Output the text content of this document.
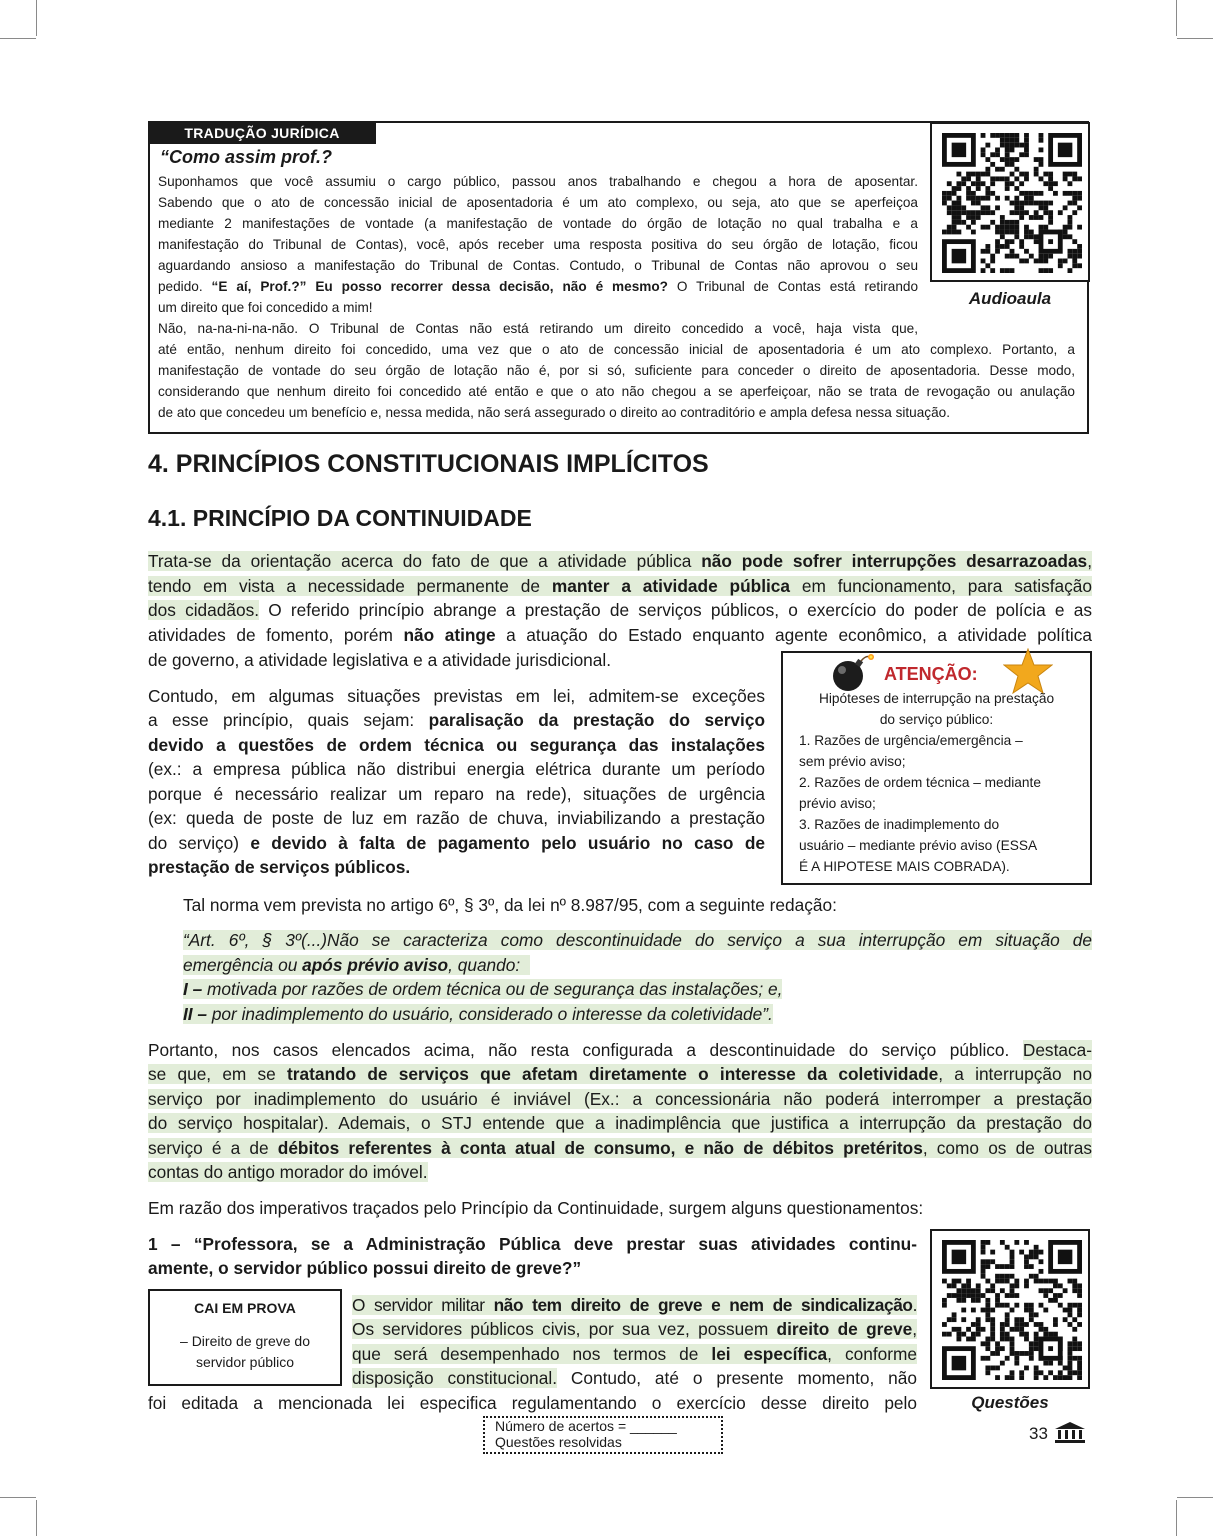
TRADUÇÃO JURÍDICA
“Como assim prof.?
Suponhamos que você assumiu o cargo público, passou anos trabalhando e chegou a hora de aposentar.
Sabendo que o ato de concessão inicial de aposentadoria é um ato complexo, ou seja, ato que se aperfeiçoa
mediante 2 manifestações de vontade (a manifestação de vontade do órgão de lotação no qual trabalha e a
manifestação do Tribunal de Contas), você, após receber uma resposta positiva do seu órgão de lotação, ficou
aguardando ansioso a manifestação do Tribunal de Contas. Contudo, o Tribunal de Contas não aprovou o seu
pedido. “E aí, Prof.?” Eu posso recorrer dessa decisão, não é mesmo? O Tribunal de Contas está retirando
um direito que foi concedido a mim!
Não, na-na-ni-na-não. O Tribunal de Contas não está retirando um direito concedido a você, haja vista que,
até então, nenhum direito foi concedido, uma vez que o ato de concessão inicial de aposentadoria é um ato complexo. Portanto, a
manifestação de vontade do seu órgão de lotação não é, por si só, suficiente para conceder o direito de aposentadoria. Desse modo,
considerando que nenhum direito foi concedido até então e que o ato não chegou a se aperfeiçoar, não se trata de revogação ou anulação
de ato que concedeu um benefício e, nessa medida, não será assegurado o direito ao contraditório e ampla defesa nessa situação.
Audioaula
4. PRINCÍPIOS CONSTITUCIONAIS IMPLÍCITOS
4.1. PRINCÍPIO DA CONTINUIDADE
Trata-se da orientação acerca do fato de que a atividade pública não pode sofrer interrupções desarrazoadas,
tendo em vista a necessidade permanente de manter a atividade pública em funcionamento, para satisfação
dos cidadãos. O referido princípio abrange a prestação de serviços públicos, o exercício do poder de polícia e as
atividades de fomento, porém não atinge a atuação do Estado enquanto agente econômico, a atividade política
de governo, a atividade legislativa e a atividade jurisdicional.
Contudo, em algumas situações previstas em lei, admitem-se exceções
a esse princípio, quais sejam: paralisação da prestação do serviço
devido a questões de ordem técnica ou segurança das instalações
(ex.: a empresa pública não distribui energia elétrica durante um período
porque é necessário realizar um reparo na rede), situações de urgência
(ex: queda de poste de luz em razão de chuva, inviabilizando a prestação
do serviço) e devido à falta de pagamento pelo usuário no caso de
prestação de serviços públicos.
ATENÇÃO:
Hipóteses de interrupção na prestação
do serviço público:
1. Razões de urgência/emergência –
sem prévio aviso;
2. Razões de ordem técnica – mediante
prévio aviso;
3. Razões de inadimplemento do
usuário – mediante prévio aviso (ESSA
É A HIPOTESE MAIS COBRADA).
Tal norma vem prevista no artigo 6º, § 3º, da lei nº 8.987/95, com a seguinte redação:
“Art. 6º, § 3º(...)Não se caracteriza como descontinuidade do serviço a sua interrupção em situação de
emergência ou após prévio aviso, quando:
I – motivada por razões de ordem técnica ou de segurança das instalações; e,
II – por inadimplemento do usuário, considerado o interesse da coletividade”.
Portanto, nos casos elencados acima, não resta configurada a descontinuidade do serviço público. Destaca-
se que, em se tratando de serviços que afetam diretamente o interesse da coletividade, a interrupção no
serviço por inadimplemento do usuário é inviável (Ex.: a concessionária não poderá interromper a prestação
do serviço hospitalar). Ademais, o STJ entende que a inadimplência que justifica a interrupção da prestação do
serviço é a de débitos referentes à conta atual de consumo, e não de débitos pretéritos, como os de outras
contas do antigo morador do imóvel.
Em razão dos imperativos traçados pelo Princípio da Continuidade, surgem alguns questionamentos:
1 – “Professora, se a Administração Pública deve prestar suas atividades continu-
amente, o servidor público possui direito de greve?”
CAI EM PROVA
– Direito de greve do
servidor público
O servidor militar não tem direito de greve e nem de sindicalização.
Os servidores públicos civis, por sua vez, possuem direito de greve,
que será desempenhado nos termos de lei específica, conforme
disposição constitucional. Contudo, até o presente momento, não
foi editada a mencionada lei especifica regulamentando o exercício desse direito pelo	Questões
Número de acertos = ______
Questões resolvidas	33
